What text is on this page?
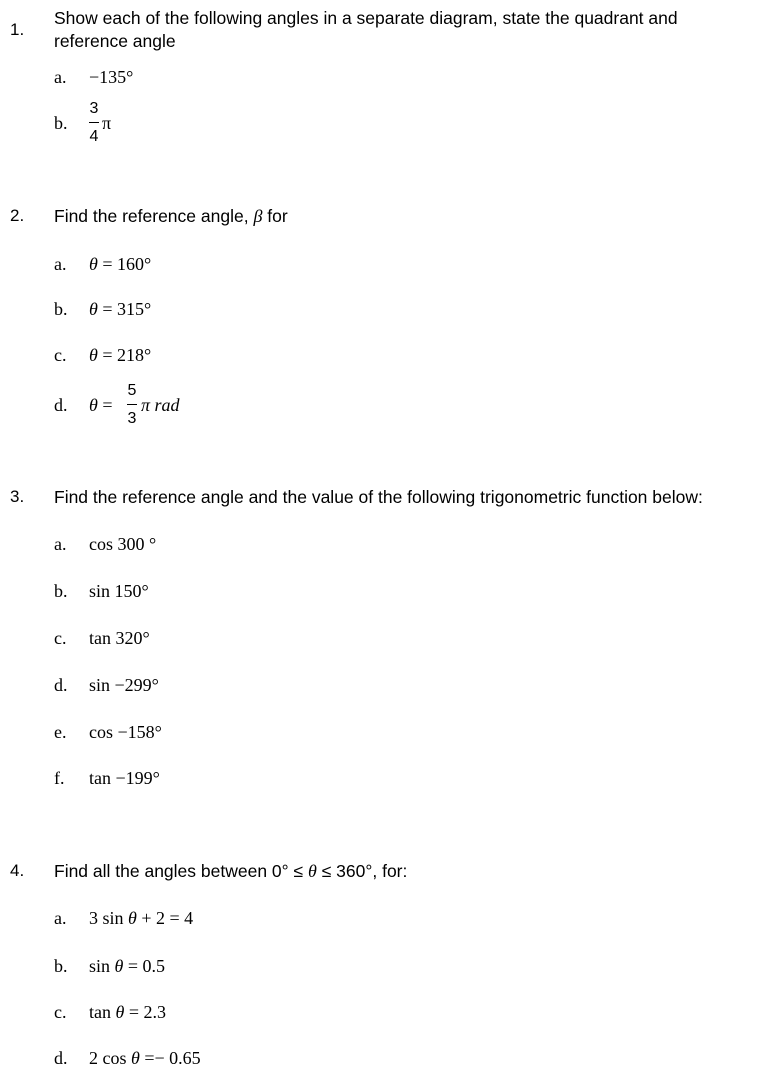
1.
Show each of the following angles in a separate diagram, state the quadrant and
reference angle
a. −135°
b.
3
4
π
2. Find the reference angle, β for
a. θ = 160°
b. θ = 315°
c. θ = 218°
d. θ =
5
3
π rad
3. Find the reference angle and the value of the following trigonometric function below:
a. cos 300 °
b. sin 150°
c. tan 320°
d. sin −299°
e. cos −158°
f. tan −199°
4. Find all the angles between 0° ≤ θ ≤ 360°, for:
a. 3 sin θ + 2 = 4
b. sin θ = 0.5
c. tan θ = 2.3
d. 2 cos θ =− 0.65
